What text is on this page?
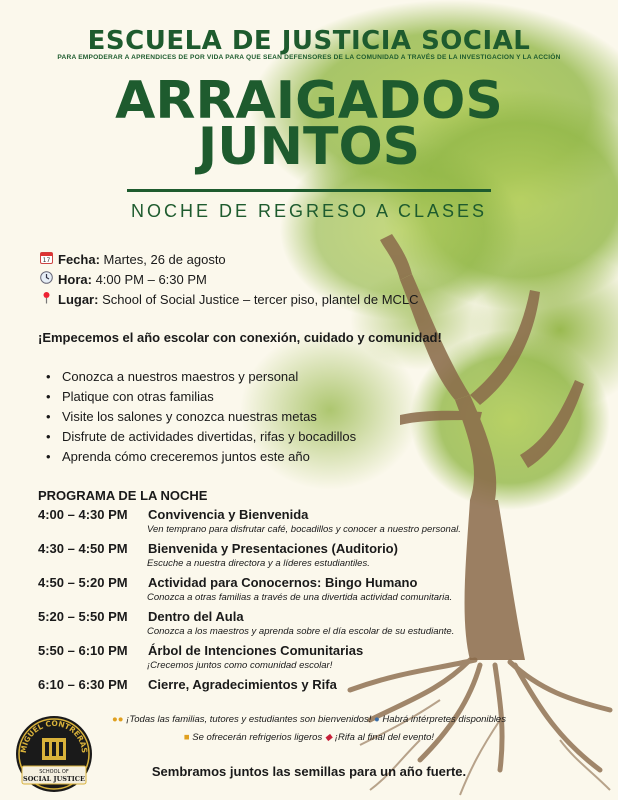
ESCUELA DE JUSTICIA SOCIAL
PARA EMPODERAR A APRENDICES DE POR VIDA PARA QUE SEAN DEFENSORES DE LA COMUNIDAD A TRAVÉS DE LA INVESTIGACION Y LA ACCIÓN
ARRAIGADOS
JUNTOS
NOCHE DE REGRESO A CLASES
17 Fecha:
Martes, 26 de agosto
Hora:
4:00 PM – 6:30 PM
Lugar:
School of Social Justice – tercer piso, plantel de MCLC
¡Empecemos el año escolar con conexión, cuidado y comunidad!
• Conozca a nuestros maestros y personal
• Platique con otras familias
• Visite los salones y conozca nuestras metas
• Disfrute de actividades divertidas, rifas y bocadillos
• Aprenda cómo creceremos juntos este año
PROGRAMA DE LA NOCHE
4:00 – 4:30 PM	Convivencia y Bienvenida
Ven temprano para disfrutar café, bocadillos y conocer a nuestro personal.
4:30 – 4:50 PM	Bienvenida y Presentaciones (Auditorio)
Escuche a nuestra directora y a líderes estudiantiles.
4:50 – 5:20 PM	Actividad para Conocernos: Bingo Humano
Conozca a otras familias a través de una divertida actividad comunitaria.
5:20 – 5:50 PM	Dentro del Aula
Conozca a los maestros y aprenda sobre el día escolar de su estudiante.
5:50 – 6:10 PM	Árbol de Intenciones Comunitarias
¡Crecemos juntos como comunidad escolar!
6:10 – 6:30 PM	Cierre, Agradecimientos y Rifa
●● ¡Todas las familias, tutores y estudiantes son bienvenidos! ● Habrá intérpretes disponibles
■ Se ofrecerán refrigerios ligeros ◆ ¡Rifa al final del evento!
MIGUEL CONTRERAS
SCHOOL OF
SOCIAL JUSTICE	Sembramos juntos las semillas para un año fuerte.
